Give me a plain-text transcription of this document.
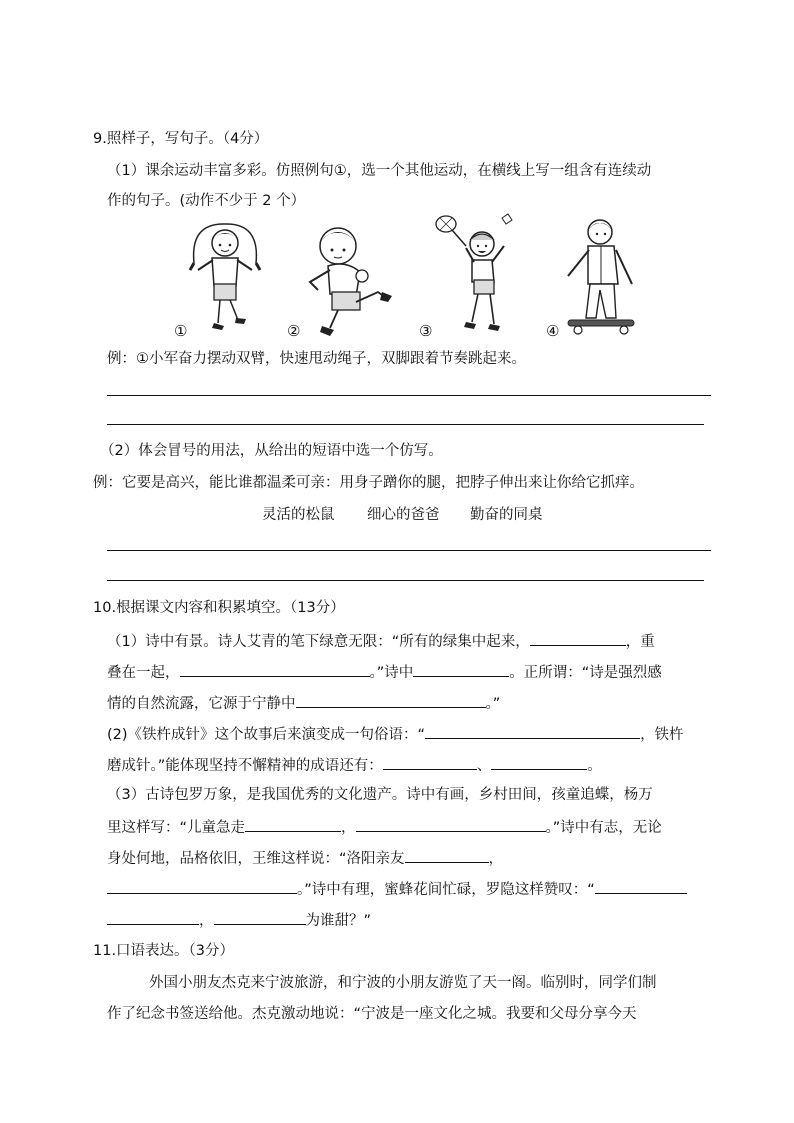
9.照样子，写句子。（4分）
（1）课余运动丰富多彩。仿照例句①，选一个其他运动，在横线上写一组含有连续动
作的句子。(动作不少于 2 个）
①	②	③	④
例：①小军奋力摆动双臂，快速甩动绳子，双脚跟着节奏跳起来。
（2）体会冒号的用法，从给出的短语中选一个仿写。
例：它要是高兴，能比谁都温柔可亲：用身子蹭你的腿，把脖子伸出来让你给它抓痒。
灵活的松鼠 细心的爸爸 勤奋的同桌
10.根据课文内容和积累填空。（13分）
（1）诗中有景。诗人艾青的笔下绿意无限：“所有的绿集中起来，	，重
叠在一起，	。”诗中	。正所谓：“诗是强烈感
情的自然流露，它源于宁静中	。”
(2)《铁杵成针》这个故事后来演变成一句俗语：“	，铁杵
磨成针。”能体现坚持不懈精神的成语还有：	、	。
（3）古诗包罗万象，是我国优秀的文化遗产。诗中有画，乡村田间，孩童追蝶，杨万
里这样写：“儿童急走	，	。”诗中有志，无论
身处何地，品格依旧，王维这样说：“洛阳亲友	，
。”诗中有理，蜜蜂花间忙碌，罗隐这样赞叹：“
，	为谁甜？”
11.口语表达。（3分）
外国小朋友杰克来宁波旅游，和宁波的小朋友游览了天一阁。临别时，同学们制
作了纪念书签送给他。杰克激动地说：“宁波是一座文化之城。我要和父母分享今天
